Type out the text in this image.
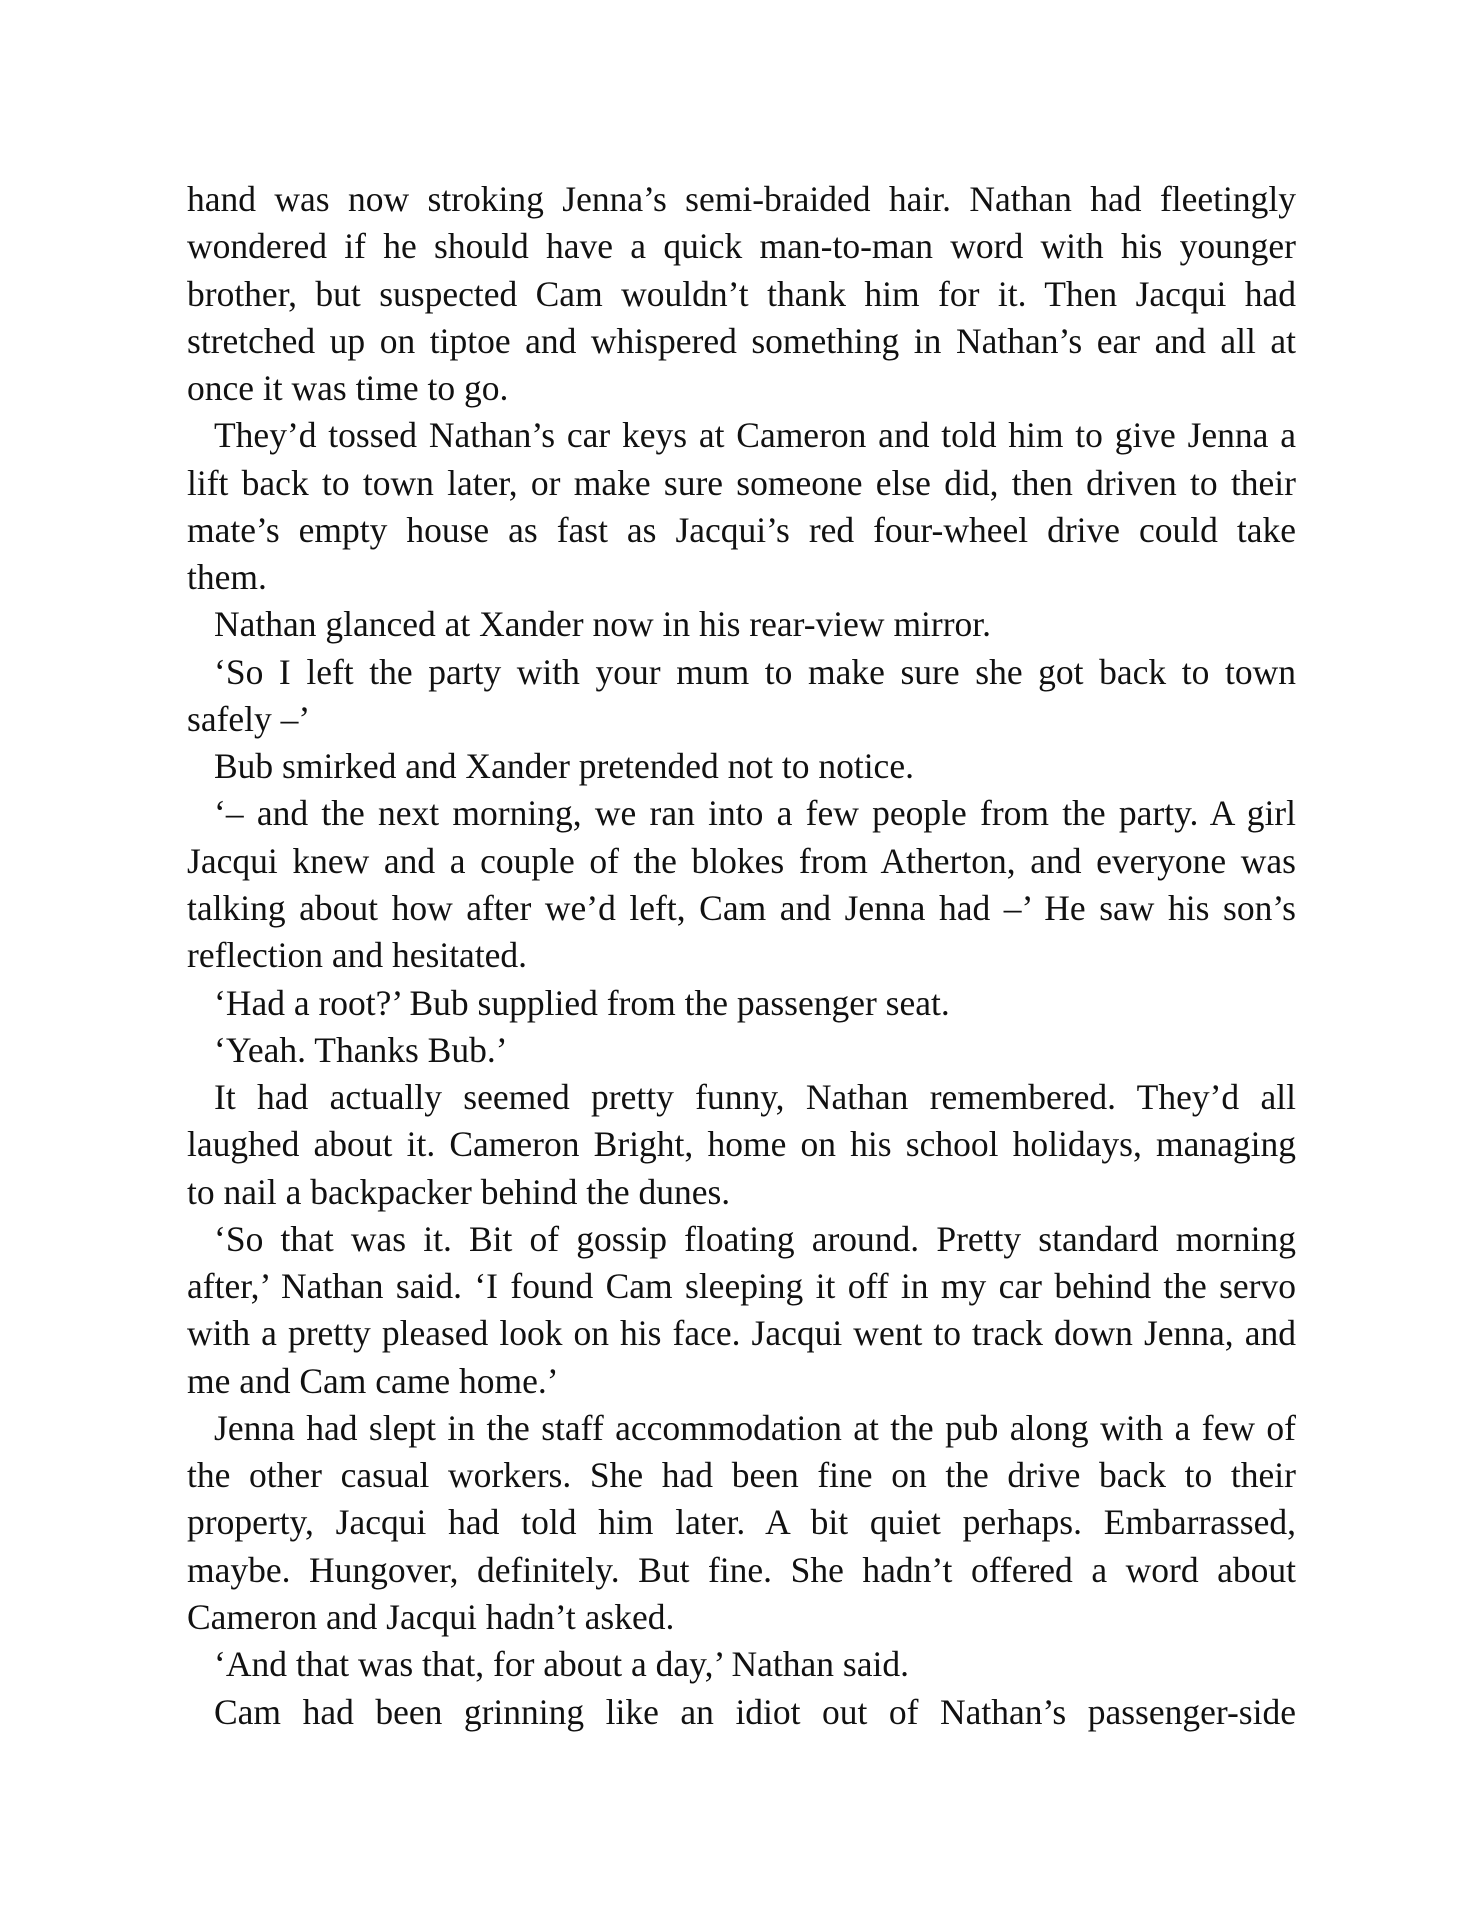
hand was now stroking Jenna’s semi-braided hair. Nathan had fleetingly
wondered if he should have a quick man-to-man word with his younger
brother, but suspected Cam wouldn’t thank him for it. Then Jacqui had
stretched up on tiptoe and whispered something in Nathan’s ear and all at
once it was time to go.
They’d tossed Nathan’s car keys at Cameron and told him to give Jenna a
lift back to town later, or make sure someone else did, then driven to their
mate’s empty house as fast as Jacqui’s red four-wheel drive could take
them.
Nathan glanced at Xander now in his rear-view mirror.
‘So I left the party with your mum to make sure she got back to town
safely –’
Bub smirked and Xander pretended not to notice.
‘– and the next morning, we ran into a few people from the party. A girl
Jacqui knew and a couple of the blokes from Atherton, and everyone was
talking about how after we’d left, Cam and Jenna had –’ He saw his son’s
reflection and hesitated.
‘Had a root?’ Bub supplied from the passenger seat.
‘Yeah. Thanks Bub.’
It had actually seemed pretty funny, Nathan remembered. They’d all
laughed about it. Cameron Bright, home on his school holidays, managing
to nail a backpacker behind the dunes.
‘So that was it. Bit of gossip floating around. Pretty standard morning
after,’ Nathan said. ‘I found Cam sleeping it off in my car behind the servo
with a pretty pleased look on his face. Jacqui went to track down Jenna, and
me and Cam came home.’
Jenna had slept in the staff accommodation at the pub along with a few of
the other casual workers. She had been fine on the drive back to their
property, Jacqui had told him later. A bit quiet perhaps. Embarrassed,
maybe. Hungover, definitely. But fine. She hadn’t offered a word about
Cameron and Jacqui hadn’t asked.
‘And that was that, for about a day,’ Nathan said.
Cam had been grinning like an idiot out of Nathan’s passenger-side
